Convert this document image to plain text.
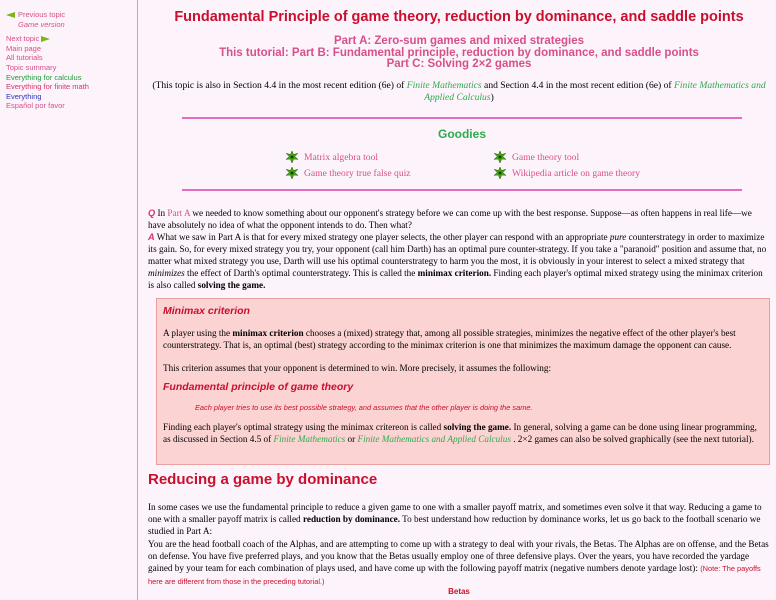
Previous topic
Game version
Next topic
Main page
All tutorials
Topic summary
Everything for calculus
Everything for finite math
Everything
Español por favor
Fundamental Principle of game theory, reduction by dominance, and saddle points
Part A: Zero-sum games and mixed strategies
This tutorial: Part B: Fundamental principle, reduction by dominance, and saddle points
Part C: Solving 2×2 games
(This topic is also in Section 4.4 in the most recent edition (6e) of Finite Mathematics and Section 4.4 in the most recent edition (6e) of Finite Mathematics and Applied Calculus)
Goodies
Matrix algebra tool	Game theory tool
Game theory true false quiz	Wikipedia article on game theory

Q In Part A we needed to know something about our opponent's strategy before we can come up with the best response. Suppose—as often happens in real life—we have absolutely no idea of what the opponent intends to do. Then what?

A What we saw in Part A is that for every mixed strategy one player selects, the other player can respond with an appropriate pure counterstrategy in order to maximize its gain. So, for every mixed strategy you try, your opponent (call him Darth) has an optimal pure counter-strategy. If you take a "paranoid" position and assume that, no matter what mixed strategy you use, Darth will use his optimal counterstrategy to harm you the most, it is obviously in your interest to select a mixed strategy that minimizes the effect of Darth's optimal counterstrategy. This is called the minimax criterion. Finding each player's optimal mixed strategy using the minimax criterion is also called solving the game.

Minimax criterion
A player using the minimax criterion chooses a (mixed) strategy that, among all possible strategies, minimizes the negative effect of the other player's best counterstrategy. That is, an optimal (best) strategy according to the minimax criterion is one that minimizes the maximum damage the opponent can cause.
This criterion assumes that your opponent is determined to win. More precisely, it assumes the following:
Fundamental principle of game theory
Each player tries to use its best possible strategy, and assumes that the other player is doing the same.
Finding each player's optimal strategy using the minimax critereon is called solving the game. In general, solving a game can be done using linear programming, as discussed in Section 4.5 of Finite Mathematics or Finite Mathematics and Applied Calculus . 2×2 games can also be solved graphically (see the next tutorial).
Reducing a game by dominance
In some cases we use the fundamental principle to reduce a given game to one with a smaller payoff matrix, and sometimes even solve it that way. Reducing a game to one with a smaller payoff matrix is called reduction by dominance. To best understand how reduction by dominance works, let us go back to the football scenario we studied in Part A:
You are the head football coach of the Alphas, and are attempting to come up with a strategy to deal with your rivals, the Betas. The Alphas are on offense, and the Betas on defense. You have five preferred plays, and you know that the Betas usually employ one of three defensive plays. Over the years, you have recorded the yardage gained by your team for each combination of plays used, and have come up with the following payoff matrix (negative numbers denote yardage lost): (Note: The payoffs here are different from those in the preceding tutorial.)
Betas
